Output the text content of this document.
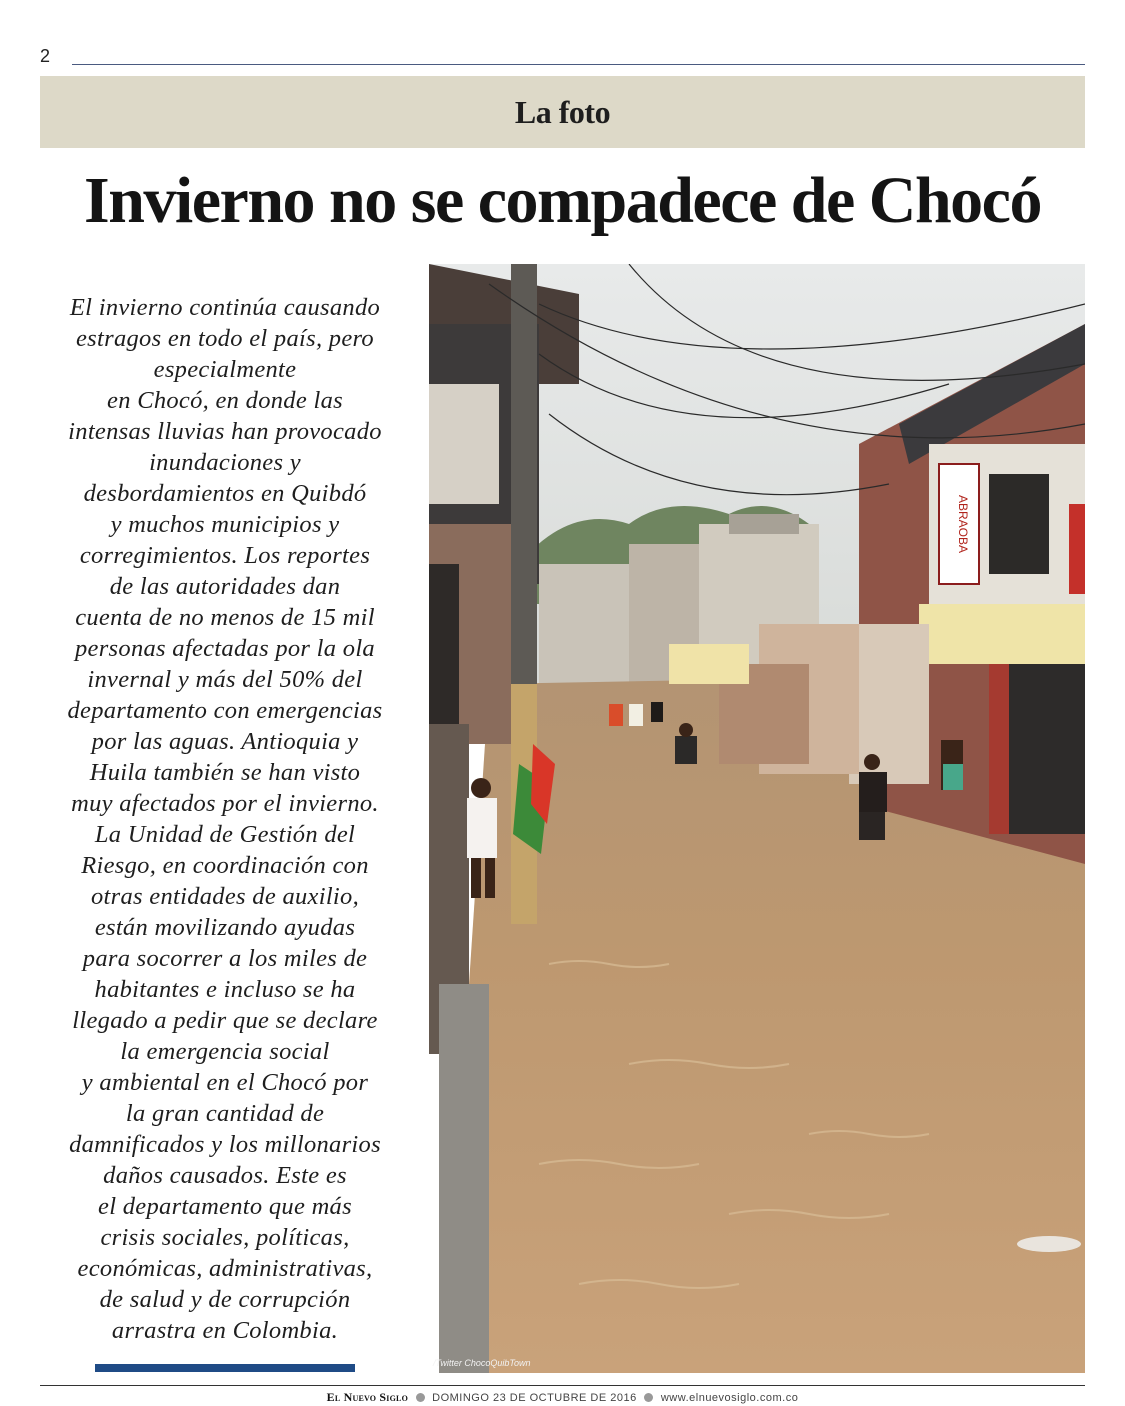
2
La foto
Invierno no se compadece de Chocó
El invierno continúa causando
estragos en todo el país, pero
especialmente
en Chocó, en donde las
intensas lluvias han provocado
inundaciones y
desbordamientos en Quibdó
y muchos municipios y
corregimientos. Los reportes
de las autoridades dan
cuenta de no menos de 15 mil
personas afectadas por la ola
invernal y más del 50% del
departamento con emergencias
por las aguas. Antioquia y
Huila también se han visto
muy afectados por el invierno.
La Unidad de Gestión del
Riesgo, en coordinación con
otras entidades de auxilio,
están movilizando ayudas
para socorrer a los miles de
habitantes e incluso se ha
llegado a pedir que se declare
la emergencia social
y ambiental en el Chocó por
la gran cantidad de
damnificados y los millonarios
daños causados. Este es
el departamento que más
crisis sociales, políticas,
económicas, administrativas,
de salud y de corrupción
arrastra en Colombia.
ABRAOBA
/Twitter ChocoQuibTown
El Nuevo Siglo DOMINGO 23 DE OCTUBRE DE 2016 www.elnuevosiglo.com.co
